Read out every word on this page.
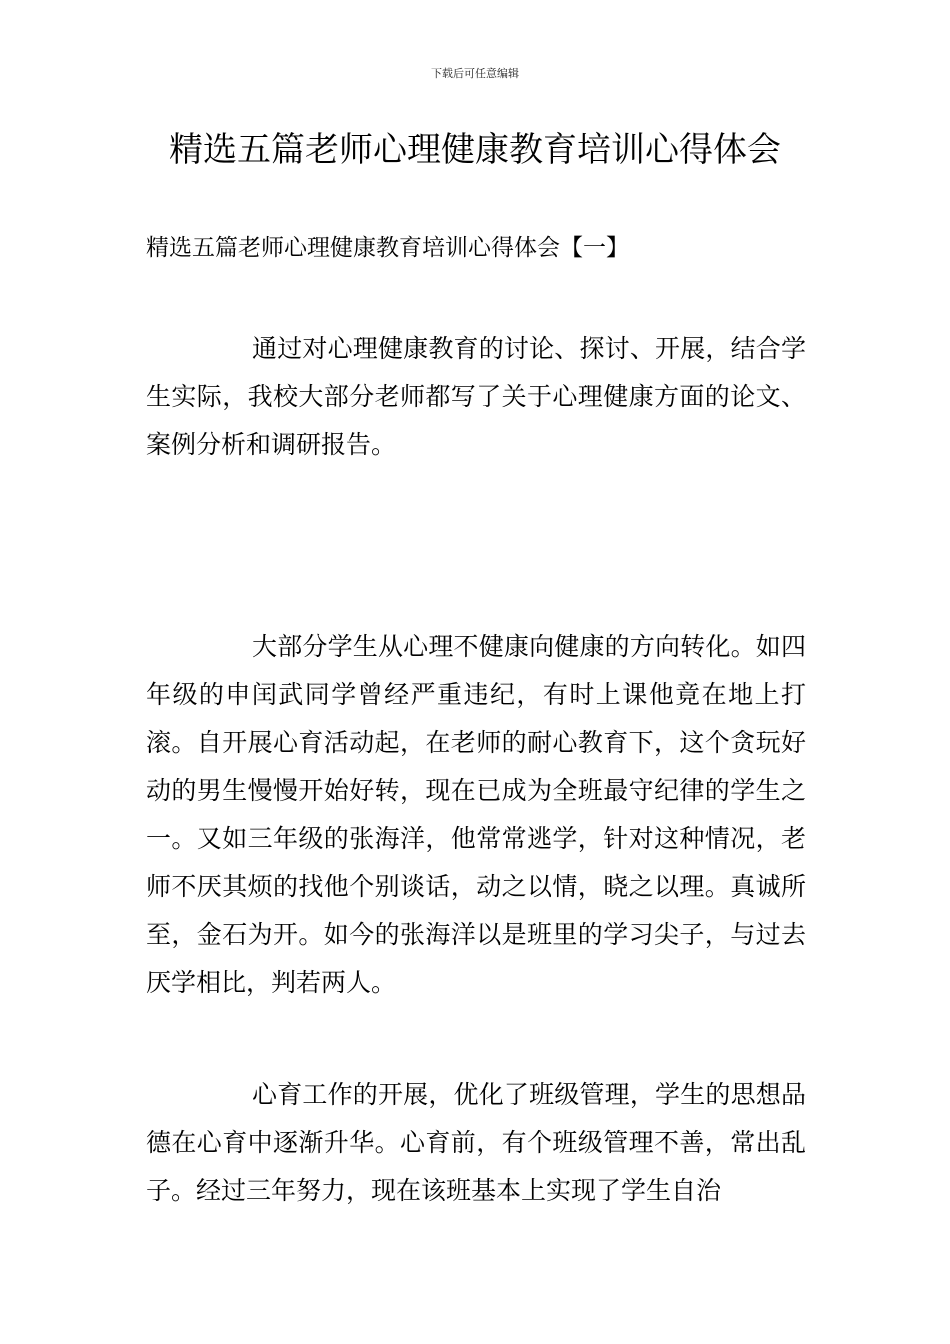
下载后可任意编辑
精选五篇老师心理健康教育培训心得体会
精选五篇老师心理健康教育培训心得体会【一】

通过对心理健康教育的讨论、探讨、开展，结合学生实际，我校大部分老师都写了关于心理健康方面的论文、案例分析和调研报告。

大部分学生从心理不健康向健康的方向转化。如四年级的申闰武同学曾经严重违纪，有时上课他竟在地上打滚。自开展心育活动起，在老师的耐心教育下，这个贪玩好动的男生慢慢开始好转，现在已成为全班最守纪律的学生之一。又如三年级的张海洋，他常常逃学，针对这种情况，老师不厌其烦的找他个别谈话，动之以情，晓之以理。真诚所至，金石为开。如今的张海洋以是班里的学习尖子，与过去厌学相比，判若两人。

心育工作的开展，优化了班级管理，学生的思想品德在心育中逐渐升华。心育前，有个班级管理不善，常出乱子。经过三年努力，现在该班基本上实现了学生自治
